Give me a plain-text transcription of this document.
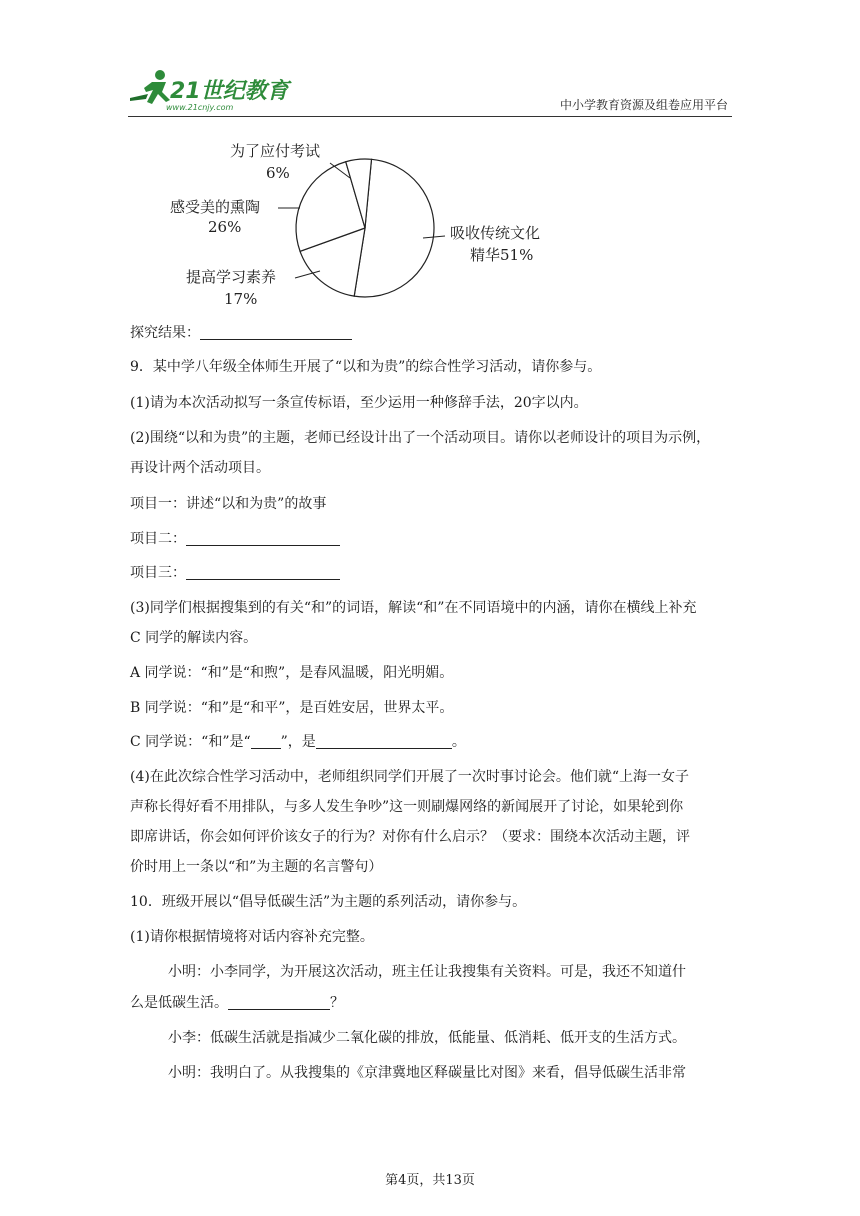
21世纪教育
www.21cnjy.com	中小学教育资源及组卷应用平台
为了应付考试
6%
感受美的熏陶
26%	吸收传统文化
精华51%
提高学习素养
17%
探究结果：
9．某中学八年级全体师生开展了“以和为贵”的综合性学习活动，请你参与。
(1)请为本次活动拟写一条宣传标语，至少运用一种修辞手法，20字以内。
(2)围绕“以和为贵”的主题，老师已经设计出了一个活动项目。请你以老师设计的项目为示例，
再设计两个活动项目。
项目一：讲述“以和为贵”的故事
项目二：
项目三：
(3)同学们根据搜集到的有关“和”的词语，解读“和”在不同语境中的内涵，请你在横线上补充
C 同学的解读内容。
A 同学说：“和”是“和煦”，是春风温暖，阳光明媚。
B 同学说：“和”是“和平”，是百姓安居，世界太平。
C 同学说：“和”是“ ”，是	。
(4)在此次综合性学习活动中，老师组织同学们开展了一次时事讨论会。他们就“上海一女子
声称长得好看不用排队，与多人发生争吵”这一则刷爆网络的新闻展开了讨论，如果轮到你
即席讲话，你会如何评价该女子的行为？对你有什么启示？（要求：围绕本次活动主题，评
价时用上一条以“和”为主题的名言警句）
10．班级开展以“倡导低碳生活”为主题的系列活动，请你参与。
(1)请你根据情境将对话内容补充完整。
小明：小李同学，为开展这次活动，班主任让我搜集有关资料。可是，我还不知道什
么是低碳生活。	？
小李：低碳生活就是指减少二氧化碳的排放，低能量、低消耗、低开支的生活方式。
小明：我明白了。从我搜集的《京津冀地区释碳量比对图》来看，倡导低碳生活非常
第4页，共13页
